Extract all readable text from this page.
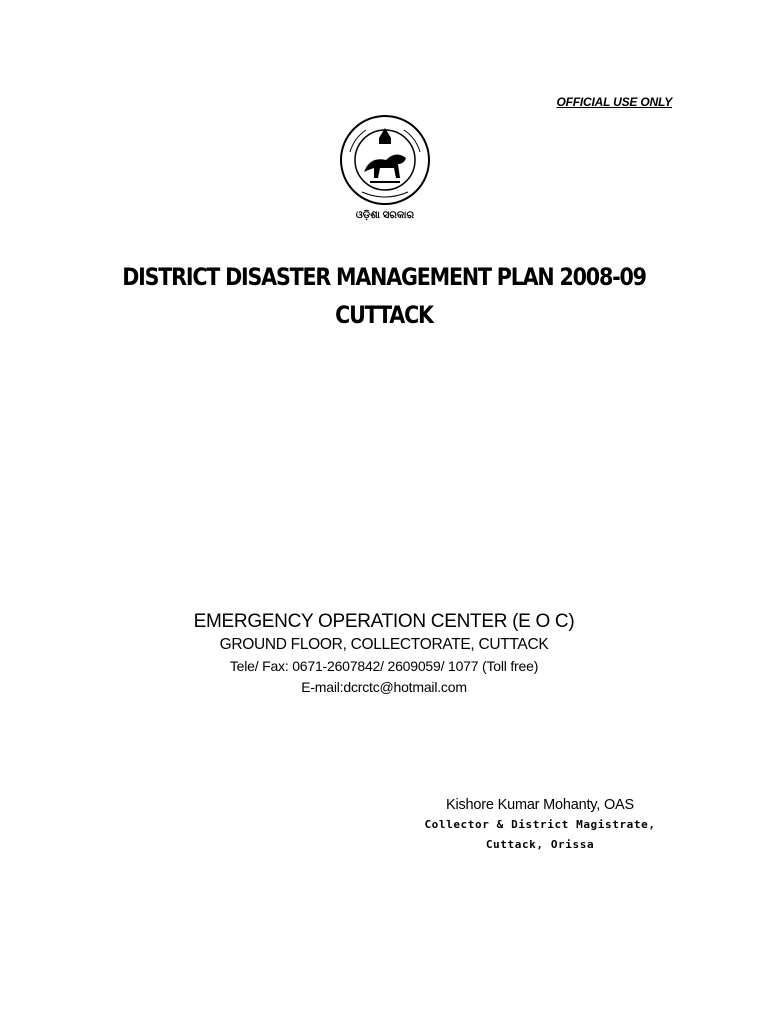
OFFICIAL USE ONLY
ଓଡ଼ିଶା ସରକାର
DISTRICT DISASTER MANAGEMENT PLAN 2008-09
CUTTACK
EMERGENCY OPERATION CENTER (E O C)
GROUND FLOOR, COLLECTORATE, CUTTACK
Tele/ Fax: 0671-2607842/ 2609059/ 1077 (Toll free)
E-mail:dcrctc@hotmail.com
Kishore Kumar Mohanty, OAS
Collector & District Magistrate,
Cuttack, Orissa
